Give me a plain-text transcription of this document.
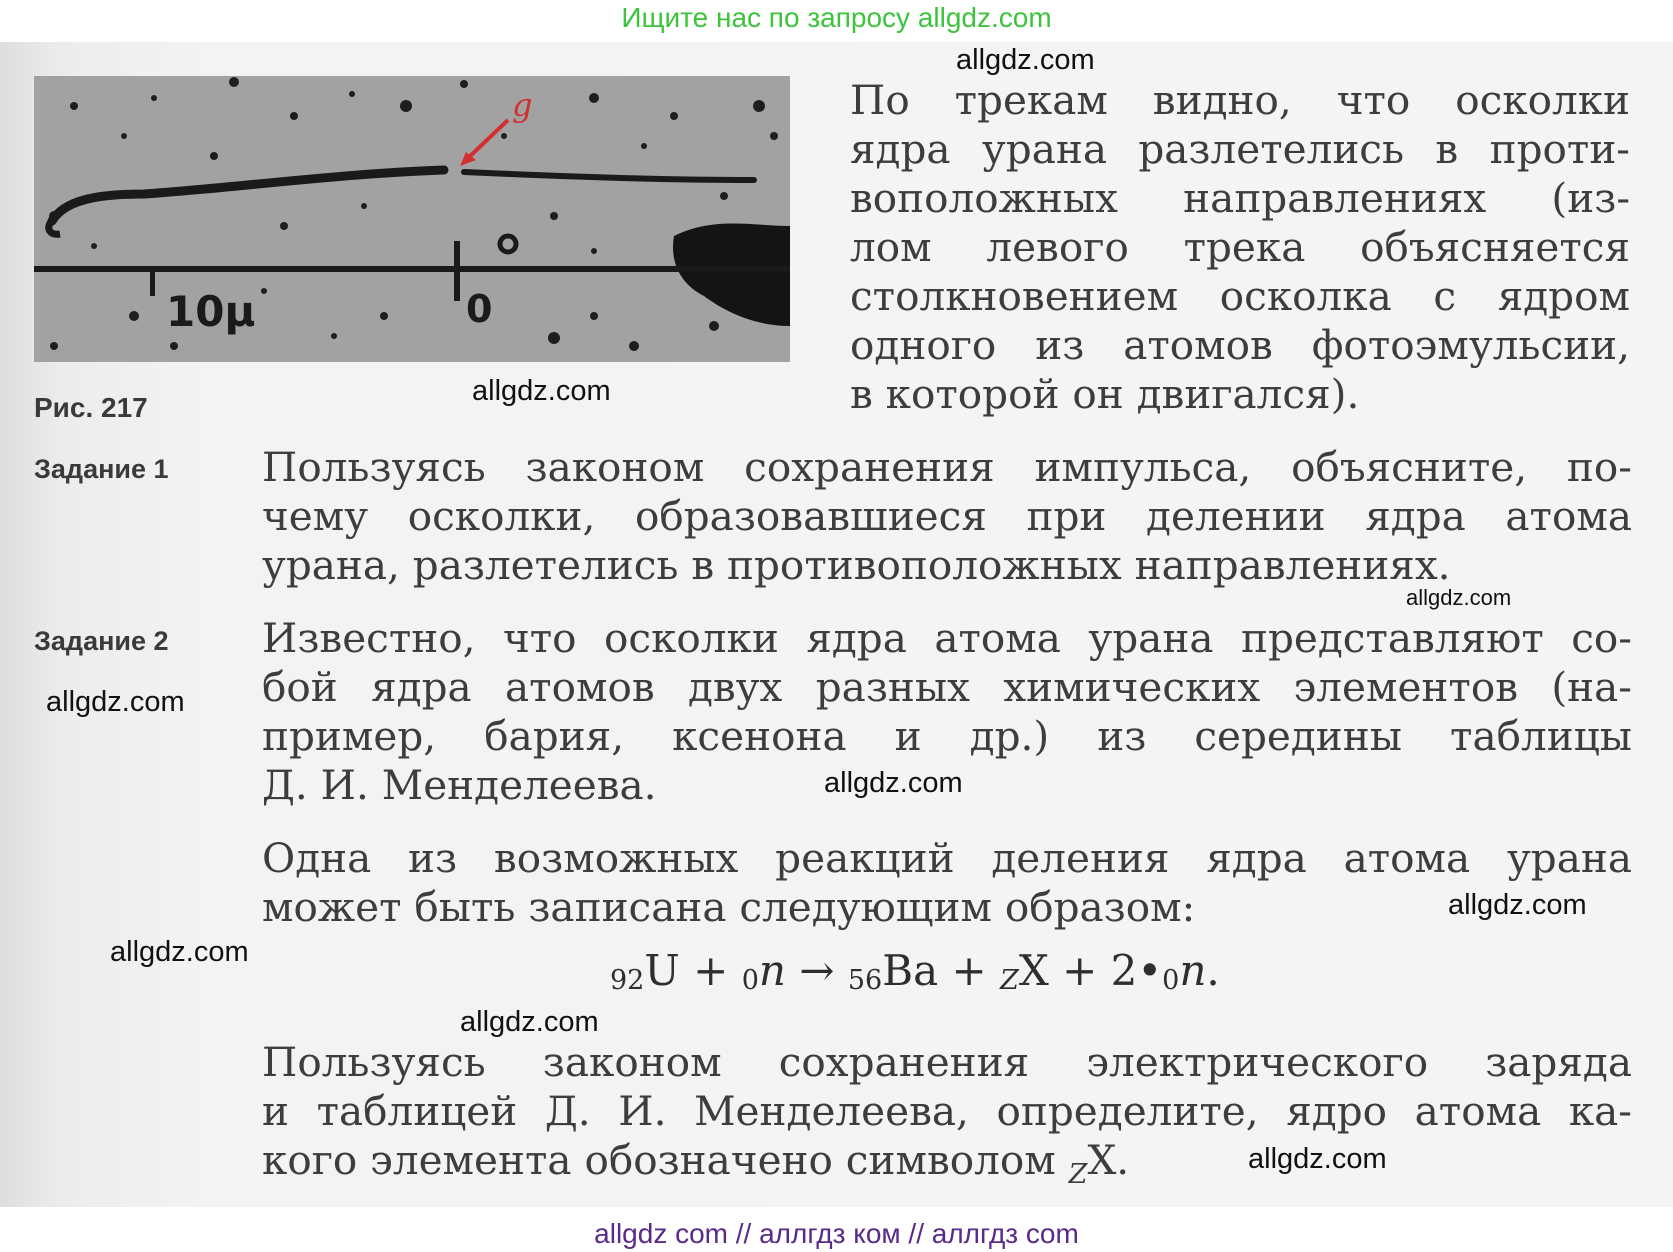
Ищите нас по запросу allgdz.com
g
10μ	0
Рис. 217

По трекам видно, что осколки
ядра урана разлетелись в проти-
воположных направлениях (из-
лом левого трека объясняется
столкновением осколка с ядром
одного из атомов фотоэмульсии,
в которой он двигался).

Задание 1 Пользуясь законом сохранения импульса, объясните, по-
чему осколки, образовавшиеся при делении ядра атома
урана, разлетелись в противоположных направлениях.

Задание 2 Известно, что осколки ядра атома урана представляют со-
бой ядра атомов двух разных химических элементов (на-
пример, бария, ксенона и др.) из середины таблицы
Д. И. Менделеева.

Одна из возможных реакций деления ядра атома урана
может быть записана следующим образом:

$_{92}U + _0n \to _{56}Ba + _ZX + 2•_0n$.

Пользуясь законом сохранения электрического заряда
и таблицей Д. И. Менделеева, определите, ядро атома ка-
кого элемента обозначено символом $_Z$X.

allgdz.com
allgdz.com
allgdz.com
allgdz.com
allgdz.com
allgdz.com
allgdz.com
allgdz.com
allgdz.com
allgdz com // аллгдз ком // аллгдз com
